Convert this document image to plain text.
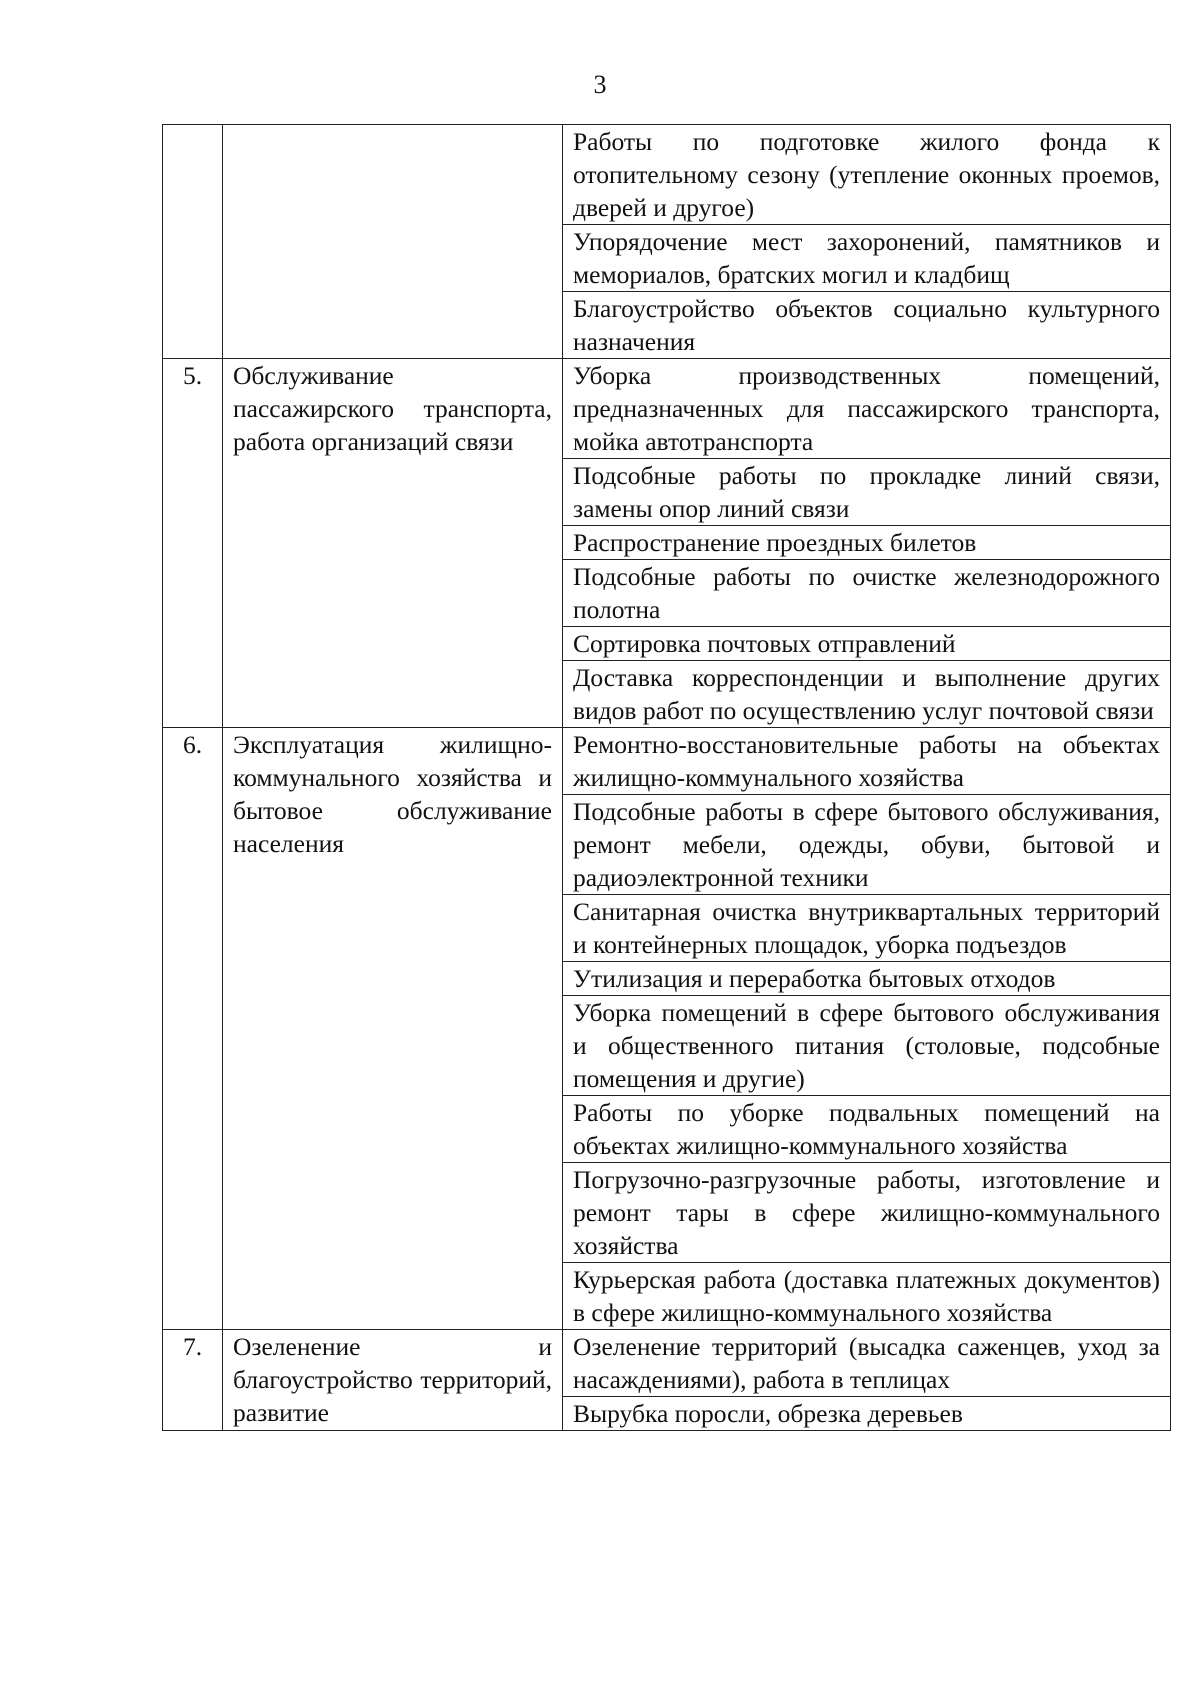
3
		Работы по подготовке жилого фонда к отопительному сезону (утепление оконных проемов, дверей и другое)
		Упорядочение мест захоронений, памятников и мемориалов, братских могил и кладбищ
		Благоустройство объектов социально культурного назначения
5.	Обслуживание пассажирского транспорта, работа организаций связи	Уборка производственных помещений, предназначенных для пассажирского транспорта, мойка автотранспорта
		Подсобные работы по прокладке линий связи, замены опор линий связи
		Распространение проездных билетов
		Подсобные работы по очистке железнодорожного полотна
		Сортировка почтовых отправлений
		Доставка корреспонденции и выполнение других видов работ по осуществлению услуг почтовой связи
6.	Эксплуатация жилищно-коммунального хозяйства и бытовое обслуживание населения	Ремонтно-восстановительные работы на объектах жилищно-коммунального хозяйства
		Подсобные работы в сфере бытового обслуживания, ремонт мебели, одежды, обуви, бытовой и радиоэлектронной техники
		Санитарная очистка внутриквартальных территорий и контейнерных площадок, уборка подъездов
		Утилизация и переработка бытовых отходов
		Уборка помещений в сфере бытового обслуживания и общественного питания (столовые, подсобные помещения и другие)
		Работы по уборке подвальных помещений на объектах жилищно-коммунального хозяйства
		Погрузочно-разгрузочные работы, изготовление и ремонт тары в сфере жилищно-коммунального хозяйства
		Курьерская работа (доставка платежных документов) в сфере жилищно-коммунального хозяйства
7.	Озеленение и благоустройство территорий, развитие	Озеленение территорий (высадка саженцев, уход за насаждениями), работа в теплицах
		Вырубка поросли, обрезка деревьев
